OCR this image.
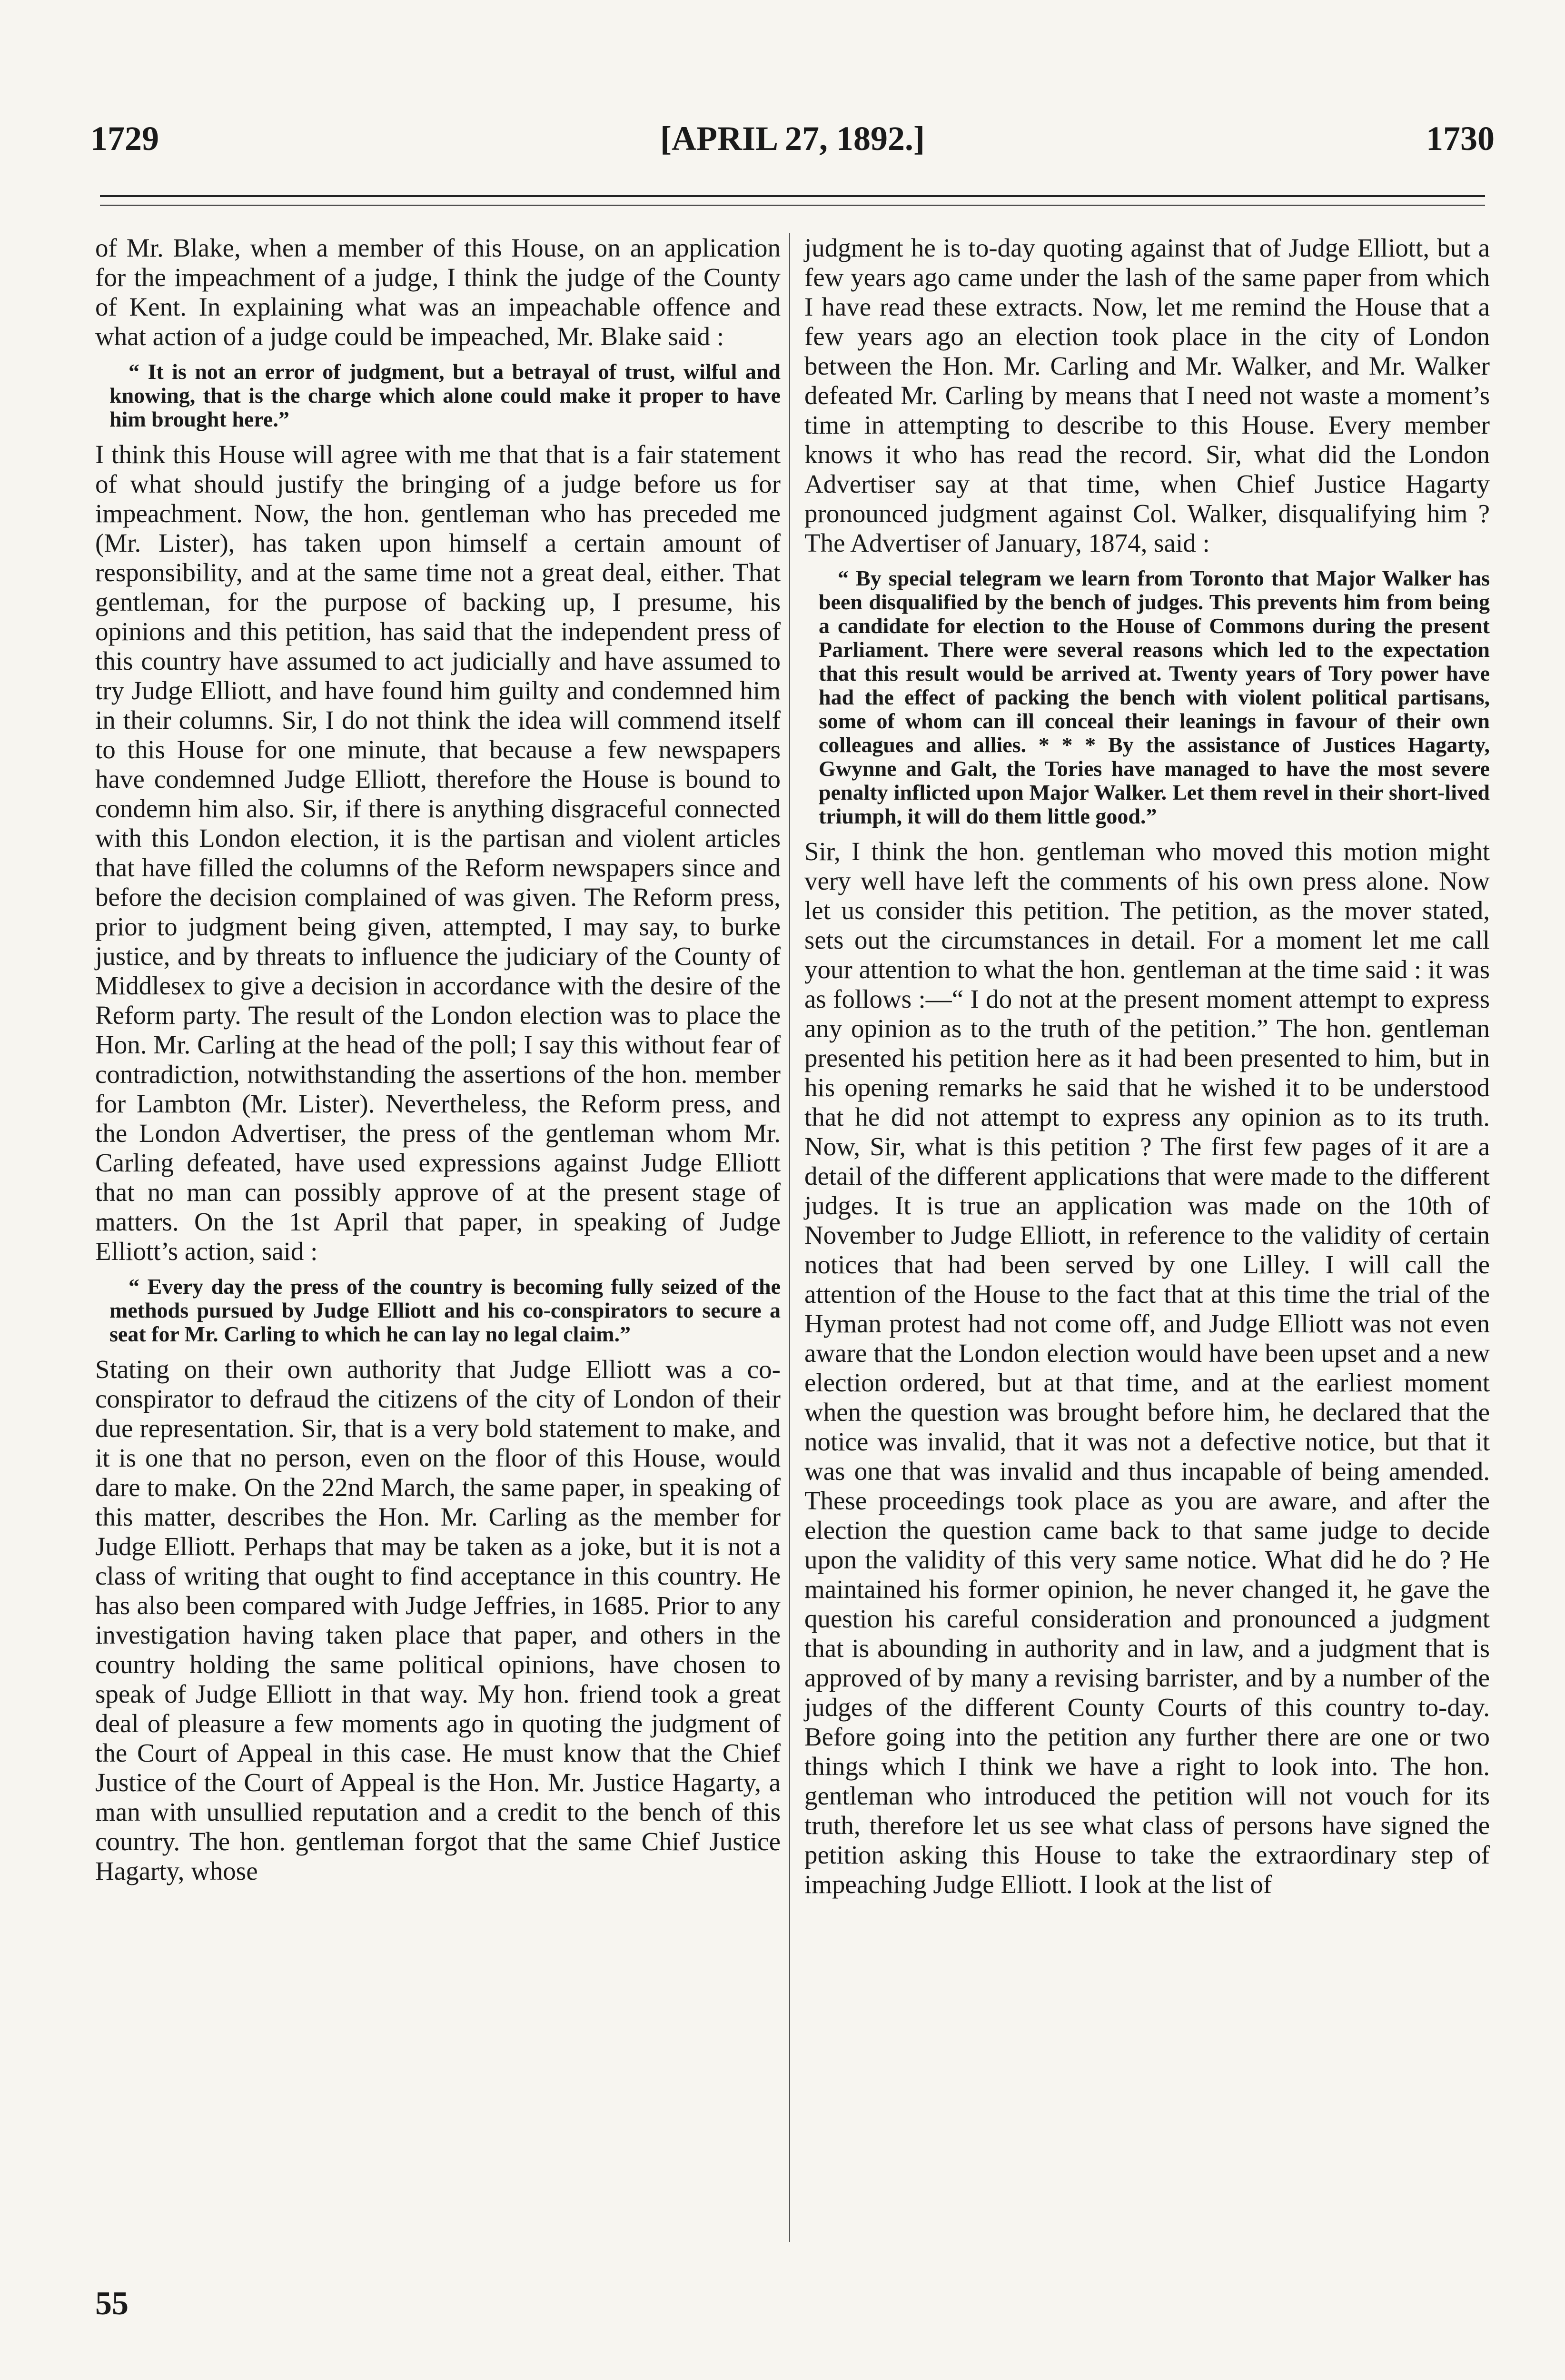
1729	[APRIL 27, 1892.]	1730

of Mr. Blake, when a member of this House, on an application for the impeachment of a judge, I think the judge of the County of Kent. In explaining what was an impeachable offence and what action of a judge could be impeached, Mr. Blake said :

“ It is not an error of judgment, but a betrayal of trust, wilful and knowing, that is the charge which alone could make it proper to have him brought here.”

I think this House will agree with me that that is a fair statement of what should justify the bringing of a judge before us for impeachment. Now, the hon. gentleman who has preceded me (Mr. Lister), has taken upon himself a certain amount of responsibility, and at the same time not a great deal, either. That gentleman, for the purpose of backing up, I presume, his opinions and this petition, has said that the independent press of this country have assumed to act judicially and have assumed to try Judge Elliott, and have found him guilty and condemned him in their columns. Sir, I do not think the idea will commend itself to this House for one minute, that because a few newspapers have condemned Judge Elliott, therefore the House is bound to condemn him also. Sir, if there is anything disgraceful connected with this London election, it is the partisan and violent articles that have filled the columns of the Reform newspapers since and before the decision complained of was given. The Reform press, prior to judgment being given, attempted, I may say, to burke justice, and by threats to influence the judiciary of the County of Middlesex to give a decision in accordance with the desire of the Reform party. The result of the London election was to place the Hon. Mr. Carling at the head of the poll; I say this without fear of contradiction, notwithstanding the assertions of the hon. member for Lambton (Mr. Lister). Nevertheless, the Reform press, and the London Advertiser, the press of the gentleman whom Mr. Carling defeated, have used expressions against Judge Elliott that no man can possibly approve of at the present stage of matters. On the 1st April that paper, in speaking of Judge Elliott’s action, said :

“ Every day the press of the country is becoming fully seized of the methods pursued by Judge Elliott and his co-conspirators to secure a seat for Mr. Carling to which he can lay no legal claim.”

Stating on their own authority that Judge Elliott was a co-conspirator to defraud the citizens of the city of London of their due representation. Sir, that is a very bold statement to make, and it is one that no person, even on the floor of this House, would dare to make. On the 22nd March, the same paper, in speaking of this matter, describes the Hon. Mr. Carling as the member for Judge Elliott. Perhaps that may be taken as a joke, but it is not a class of writing that ought to find acceptance in this country. He has also been compared with Judge Jeffries, in 1685. Prior to any investigation having taken place that paper, and others in the country holding the same political opinions, have chosen to speak of Judge Elliott in that way. My hon. friend took a great deal of pleasure a few moments ago in quoting the judgment of the Court of Appeal in this case. He must know that the Chief Justice of the Court of Appeal is the Hon. Mr. Justice Hagarty, a man with unsullied reputation and a credit to the bench of this country. The hon. gentleman forgot that the same Chief Justice Hagarty, whose

judgment he is to-day quoting against that of Judge Elliott, but a few years ago came under the lash of the same paper from which I have read these extracts. Now, let me remind the House that a few years ago an election took place in the city of London between the Hon. Mr. Carling and Mr. Walker, and Mr. Walker defeated Mr. Carling by means that I need not waste a moment’s time in attempting to describe to this House. Every member knows it who has read the record. Sir, what did the London Advertiser say at that time, when Chief Justice Hagarty pronounced judgment against Col. Walker, disqualifying him ? The Advertiser of January, 1874, said :

“ By special telegram we learn from Toronto that Major Walker has been disqualified by the bench of judges. This prevents him from being a candidate for election to the House of Commons during the present Parliament. There were several reasons which led to the expectation that this result would be arrived at. Twenty years of Tory power have had the effect of packing the bench with violent political partisans, some of whom can ill conceal their leanings in favour of their own colleagues and allies. * * * By the assistance of Justices Hagarty, Gwynne and Galt, the Tories have managed to have the most severe penalty inflicted upon Major Walker. Let them revel in their short-lived triumph, it will do them little good.”

Sir, I think the hon. gentleman who moved this motion might very well have left the comments of his own press alone. Now let us consider this petition. The petition, as the mover stated, sets out the circumstances in detail. For a moment let me call your attention to what the hon. gentleman at the time said : it was as follows :—“ I do not at the present moment attempt to express any opinion as to the truth of the petition.” The hon. gentleman presented his petition here as it had been presented to him, but in his opening remarks he said that he wished it to be understood that he did not attempt to express any opinion as to its truth. Now, Sir, what is this petition ? The first few pages of it are a detail of the different applications that were made to the different judges. It is true an application was made on the 10th of November to Judge Elliott, in reference to the validity of certain notices that had been served by one Lilley. I will call the attention of the House to the fact that at this time the trial of the Hyman protest had not come off, and Judge Elliott was not even aware that the London election would have been upset and a new election ordered, but at that time, and at the earliest moment when the question was brought before him, he declared that the notice was invalid, that it was not a defective notice, but that it was one that was invalid and thus incapable of being amended. These proceedings took place as you are aware, and after the election the question came back to that same judge to decide upon the validity of this very same notice. What did he do ? He maintained his former opinion, he never changed it, he gave the question his careful consideration and pronounced a judgment that is abounding in authority and in law, and a judgment that is approved of by many a revising barrister, and by a number of the judges of the different County Courts of this country to-day. Before going into the petition any further there are one or two things which I think we have a right to look into. The hon. gentleman who introduced the petition will not vouch for its truth, therefore let us see what class of persons have signed the petition asking this House to take the extraordinary step of impeaching Judge Elliott. I look at the list of

55
